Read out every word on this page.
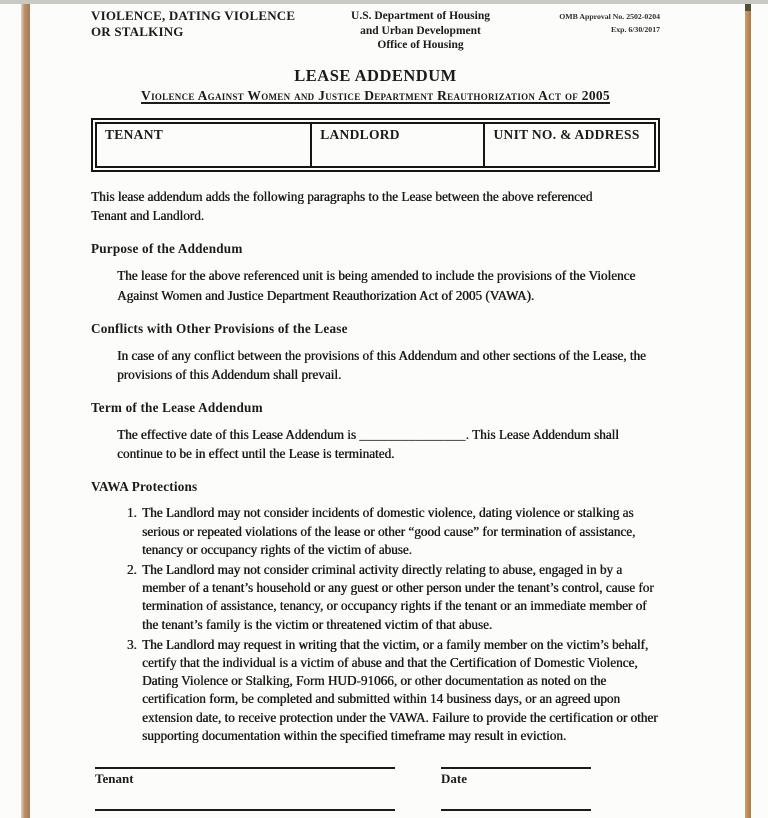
VIOLENCE, DATING VIOLENCE
OR STALKING
U.S. Department of Housing
and Urban Development
Office of Housing
OMB Approval No. 2502-0204
Exp. 6/30/2017
LEASE ADDENDUM
Violence Against Women and Justice Department Reauthorization Act of 2005
TENANT	LANDLORD	UNIT NO. & ADDRESS

This lease addendum adds the following paragraphs to the Lease between the above referenced Tenant and Landlord.

Purpose of the Addendum

The lease for the above referenced unit is being amended to include the provisions of the Violence Against Women and Justice Department Reauthorization Act of 2005 (VAWA).

Conflicts with Other Provisions of the Lease

In case of any conflict between the provisions of this Addendum and other sections of the Lease, the provisions of this Addendum shall prevail.

Term of the Lease Addendum

The effective date of this Lease Addendum is _______________. This Lease Addendum shall continue to be in effect until the Lease is terminated.

VAWA Protections
1. The Landlord may not consider incidents of domestic violence, dating violence or stalking as serious or repeated violations of the lease or other “good cause” for termination of assistance, tenancy or occupancy rights of the victim of abuse.
2. The Landlord may not consider criminal activity directly relating to abuse, engaged in by a member of a tenant’s household or any guest or other person under the tenant’s control, cause for termination of assistance, tenancy, or occupancy rights if the tenant or an immediate member of the tenant’s family is the victim or threatened victim of that abuse.
3. The Landlord may request in writing that the victim, or a family member on the victim’s behalf, certify that the individual is a victim of abuse and that the Certification of Domestic Violence, Dating Violence or Stalking, Form HUD-91066, or other documentation as noted on the certification form, be completed and submitted within 14 business days, or an agreed upon extension date, to receive protection under the VAWA. Failure to provide the certification or other supporting documentation within the specified timeframe may result in eviction.
Tenant	Date
